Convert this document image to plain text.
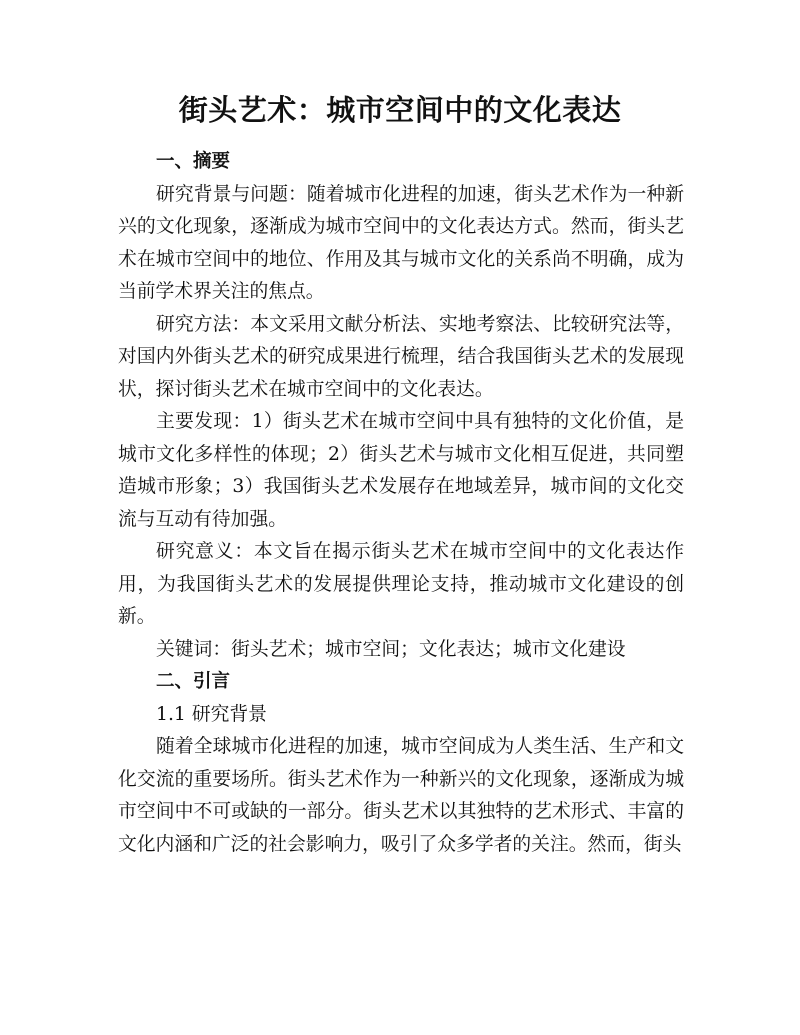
街头艺术：城市空间中的文化表达

一、摘要

研究背景与问题：随着城市化进程的加速，街头艺术作为一种新兴的文化现象，逐渐成为城市空间中的文化表达方式。然而，街头艺术在城市空间中的地位、作用及其与城市文化的关系尚不明确，成为当前学术界关注的焦点。

研究方法：本文采用文献分析法、实地考察法、比较研究法等，对国内外街头艺术的研究成果进行梳理，结合我国街头艺术的发展现状，探讨街头艺术在城市空间中的文化表达。

主要发现：1）街头艺术在城市空间中具有独特的文化价值，是城市文化多样性的体现；2）街头艺术与城市文化相互促进，共同塑造城市形象；3）我国街头艺术发展存在地域差异，城市间的文化交流与互动有待加强。

研究意义：本文旨在揭示街头艺术在城市空间中的文化表达作用，为我国街头艺术的发展提供理论支持，推动城市文化建设的创新。

关键词：街头艺术；城市空间；文化表达；城市文化建设

二、引言

1.1 研究背景

随着全球城市化进程的加速，城市空间成为人类生活、生产和文化交流的重要场所。街头艺术作为一种新兴的文化现象，逐渐成为城市空间中不可或缺的一部分。街头艺术以其独特的艺术形式、丰富的文化内涵和广泛的社会影响力，吸引了众多学者的关注。然而，街头
